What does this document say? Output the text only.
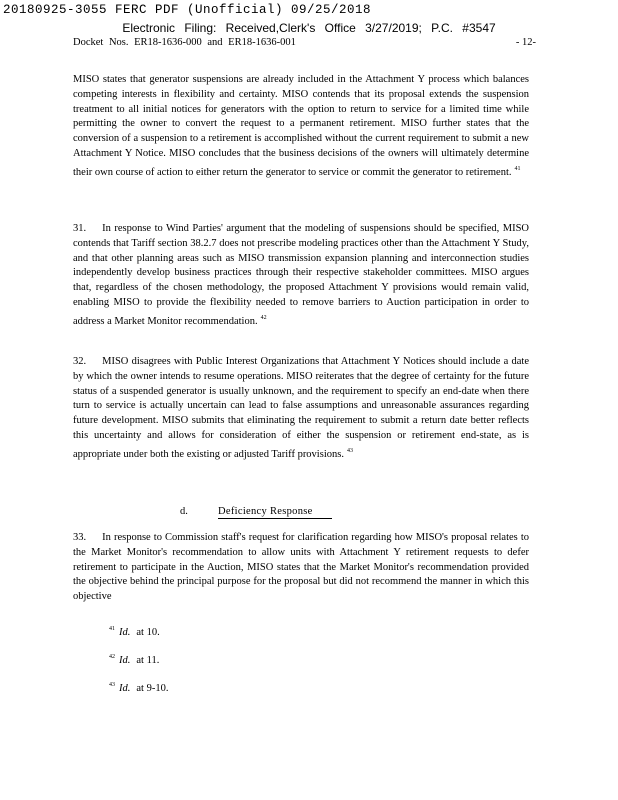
20180925-3055 FERC PDF (Unofficial) 09/25/2018
Electronic Filing: Received,Clerk's Office 3/27/2019; P.C. #3547
Docket Nos. ER18-1636-000 and ER18-1636-001	- 12-

MISO states that generator suspensions are already included in the Attachment Y process which balances competing interests in flexibility and certainty. MISO contends that its proposal extends the suspension treatment to all initial notices for generators with the option to return to service for a limited time while permitting the owner to convert the request to a permanent retirement. MISO further states that the conversion of a suspension to a retirement is accomplished without the current requirement to submit a new Attachment Y Notice. MISO concludes that the business decisions of the owners will ultimately determine their own course of action to either return the generator to service or commit the generator to retirement. $^{41}$

31. In response to Wind Parties' argument that the modeling of suspensions should be specified, MISO contends that Tariff section 38.2.7 does not prescribe modeling practices other than the Attachment Y Study, and that other planning areas such as MISO transmission expansion planning and interconnection studies independently develop business practices through their respective stakeholder committees. MISO argues that, regardless of the chosen methodology, the proposed Attachment Y provisions would remain valid, enabling MISO to provide the flexibility needed to remove barriers to Auction participation in order to address a Market Monitor recommendation. $^{42}$

32. MISO disagrees with Public Interest Organizations that Attachment Y Notices should include a date by which the owner intends to resume operations. MISO reiterates that the degree of certainty for the future status of a suspended generator is usually unknown, and the requirement to specify an end-date when there turn to service is actually uncertain can lead to false assumptions and unreasonable assurances regarding future development. MISO submits that eliminating the requirement to submit a return date better reflects this uncertainty and allows for consideration of either the suspension or retirement end-state, as is appropriate under both the existing or adjusted Tariff provisions. $^{43}$

d.	Deficiency Response

33. In response to Commission staff's request for clarification regarding how MISO's proposal relates to the Market Monitor's recommendation to allow units with Attachment Y retirement requests to defer retirement to participate in the Auction, MISO states that the Market Monitor's recommendation provided the objective behind the principal purpose for the proposal but did not recommend the manner in which this objective

$^{41}$ Id. at 10.
$^{42}$ Id. at 11.
$^{43}$ Id. at 9-10.
